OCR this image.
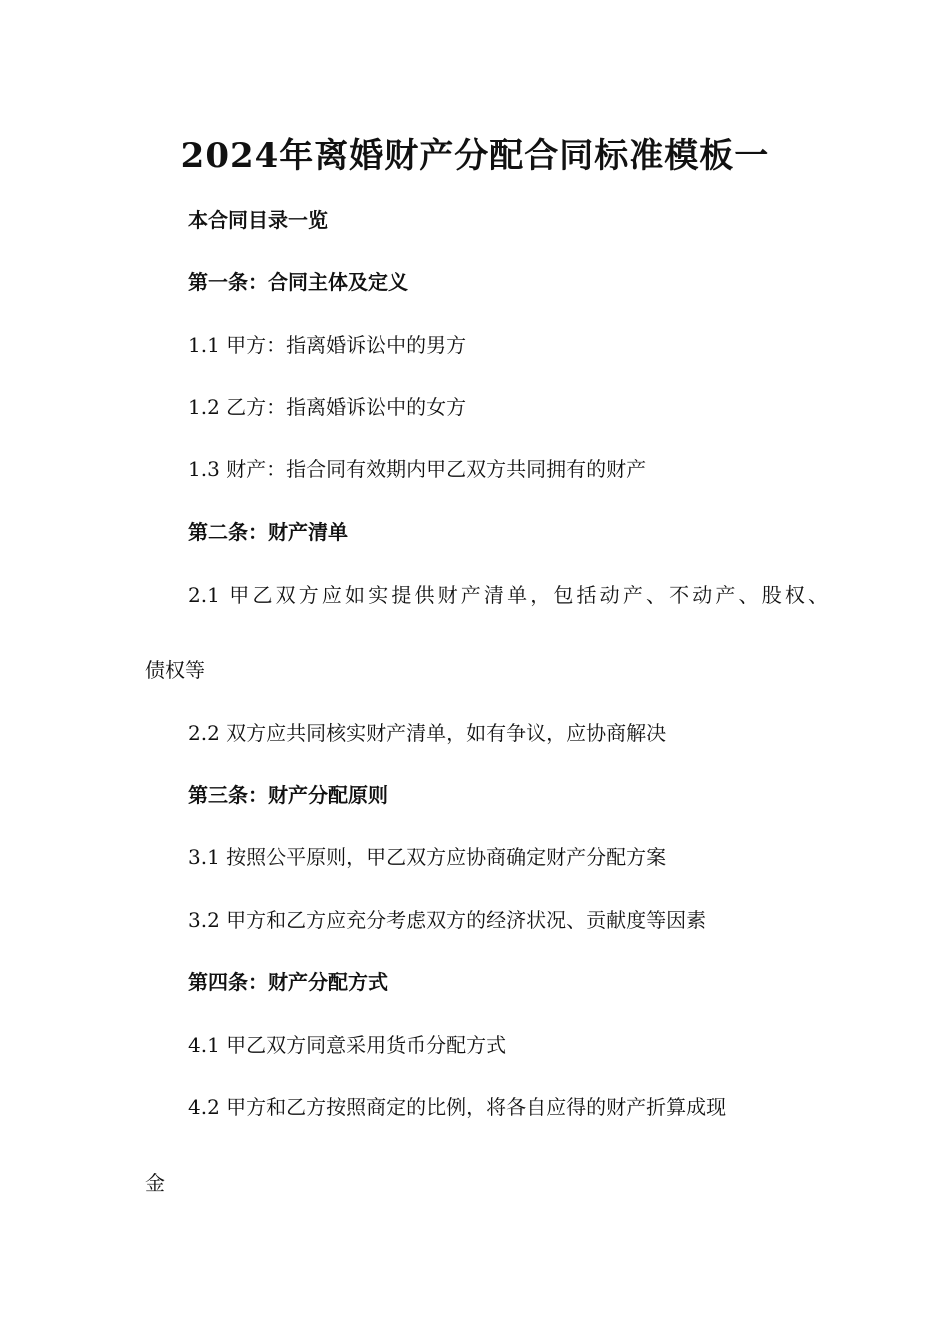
2024年离婚财产分配合同标准模板一
本合同目录一览
第一条：合同主体及定义
1.1 甲方：指离婚诉讼中的男方
1.2 乙方：指离婚诉讼中的女方
1.3 财产：指合同有效期内甲乙双方共同拥有的财产
第二条：财产清单
2.1 甲乙双方应如实提供财产清单，包括动产、不动产、股权、
债权等
2.2 双方应共同核实财产清单，如有争议，应协商解决
第三条：财产分配原则
3.1 按照公平原则，甲乙双方应协商确定财产分配方案
3.2 甲方和乙方应充分考虑双方的经济状况、贡献度等因素
第四条：财产分配方式
4.1 甲乙双方同意采用货币分配方式
4.2 甲方和乙方按照商定的比例，将各自应得的财产折算成现
金
